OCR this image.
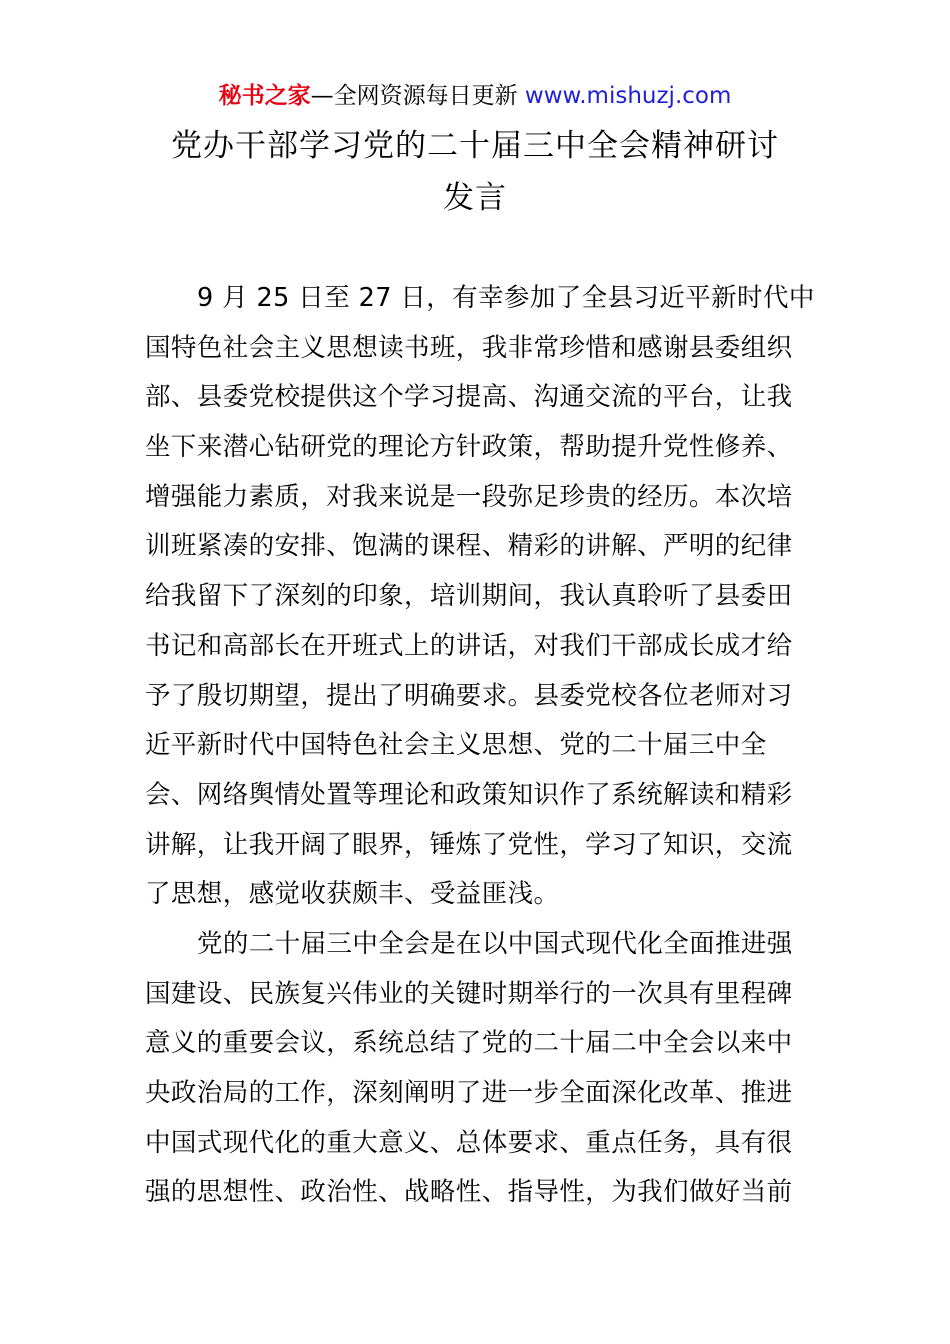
秘书之家—全网资源每日更新 www.mishuzj.com
党办干部学习党的二十届三中全会精神研讨
发言
9 月 25 日至 27 日，有幸参加了全县习近平新时代中
国特色社会主义思想读书班，我非常珍惜和感谢县委组织
部、县委党校提供这个学习提高、沟通交流的平台，让我
坐下来潜心钻研党的理论方针政策，帮助提升党性修养、
增强能力素质，对我来说是一段弥足珍贵的经历。本次培
训班紧凑的安排、饱满的课程、精彩的讲解、严明的纪律
给我留下了深刻的印象，培训期间，我认真聆听了县委田
书记和高部长在开班式上的讲话，对我们干部成长成才给
予了殷切期望，提出了明确要求。县委党校各位老师对习
近平新时代中国特色社会主义思想、党的二十届三中全
会、网络舆情处置等理论和政策知识作了系统解读和精彩
讲解，让我开阔了眼界，锤炼了党性，学习了知识，交流
了思想，感觉收获颇丰、受益匪浅。
党的二十届三中全会是在以中国式现代化全面推进强
国建设、民族复兴伟业的关键时期举行的一次具有里程碑
意义的重要会议，系统总结了党的二十届二中全会以来中
央政治局的工作，深刻阐明了进一步全面深化改革、推进
中国式现代化的重大意义、总体要求、重点任务，具有很
强的思想性、政治性、战略性、指导性，为我们做好当前
